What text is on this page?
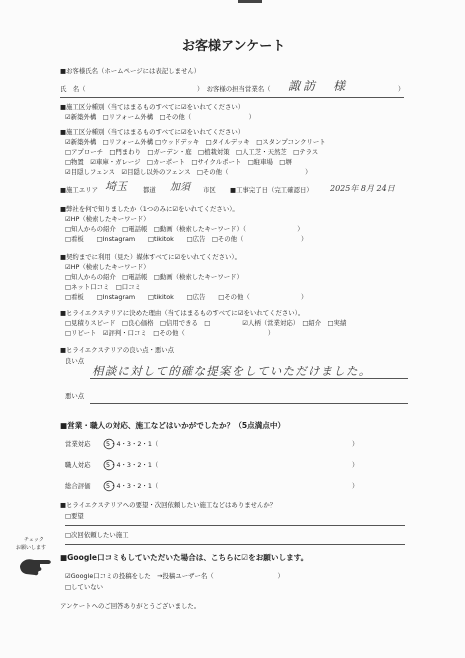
お客様アンケート
■お客様氏名（ホームページには表記しません）
氏　名（	）　お客様の担当営業名（ 諏訪　様	）
■施工区分種別（当てはまるものすべてに☑をいれてください）
☑新築外構　□リフォーム外構　□その他（　　　　　　　　　）
■施工区分種別（当てはまるものすべてに☑をいれてください）
☑新築外構　□リフォーム外構 □ウッドデッキ　□タイルデッキ　□スタンプコンクリート
□アプローチ　□門まわり　□ガーデン・庭　□植栽対策　□人工芝・天然芝　□テラス
□物置　☑車庫・ガレージ　□カーポート　□サイクルポート　□駐車場　□塀
☑目隠しフェンス　☑目隠し以外のフェンス　□その他（　　　　　　　　　　　　）
■施工エリア 埼玉	都道 加須 市区 ■工事完了日（完工確認日） 2025年 8月 24日
■弊社を何で知りましたか（1つのみに☑をいれてください）。
☑HP（検索したキーワード）
□知人からの紹介　□電話帳　□動画（検索したキーワード）（　　　　　　　　）
□看板　　□Instagram　　□tikitok　　□広告　□その他（　　　　　　　　　）
■契約までに利用（見た）媒体すべてに☑をいれてください）。
☑HP（検索したキーワード）
□知人からの紹介　□電話帳　□動画（検索したキーワード）
□ネット口コミ　□口コミ
□看板　　□Instagram　　□tikitok　　□広告　　□その他（　　　　　　　　）
■ヒライエクステリアに決めた理由（当てはまるものすべてに☑をいれてください）。
□見積りスピード　□良心価格　□信用できる　□　　　　　☑人柄（営業対応）　□紹介　□実績
□リピート　☑評判・口コミ　□その他（　　　　　　　　　　　　　）
■ヒライエクステリアの良い点・悪い点
良い点
相談に対して的確な提案をしていただけました。
悪い点
■営業・職人の対応、施工などはいかがでしたか？（5点満点中）
営業対応 5・4・3・2・1（	）
職人対応 5・4・3・2・1（	）
総合評価 5・4・3・2・1（	）
■ヒライエクステリアへの要望・次回依頼したい施工などはありませんか？
□要望
□次回依頼したい施工
チェック
お願いします
■Google口コミもしていただいた場合は、こちらに☑をお願いします。
☑Google口コミの投稿をした　→投稿ユーザー名（　　　　　　　　　　）
□していない
アンケートへのご回答ありがとうございました。
